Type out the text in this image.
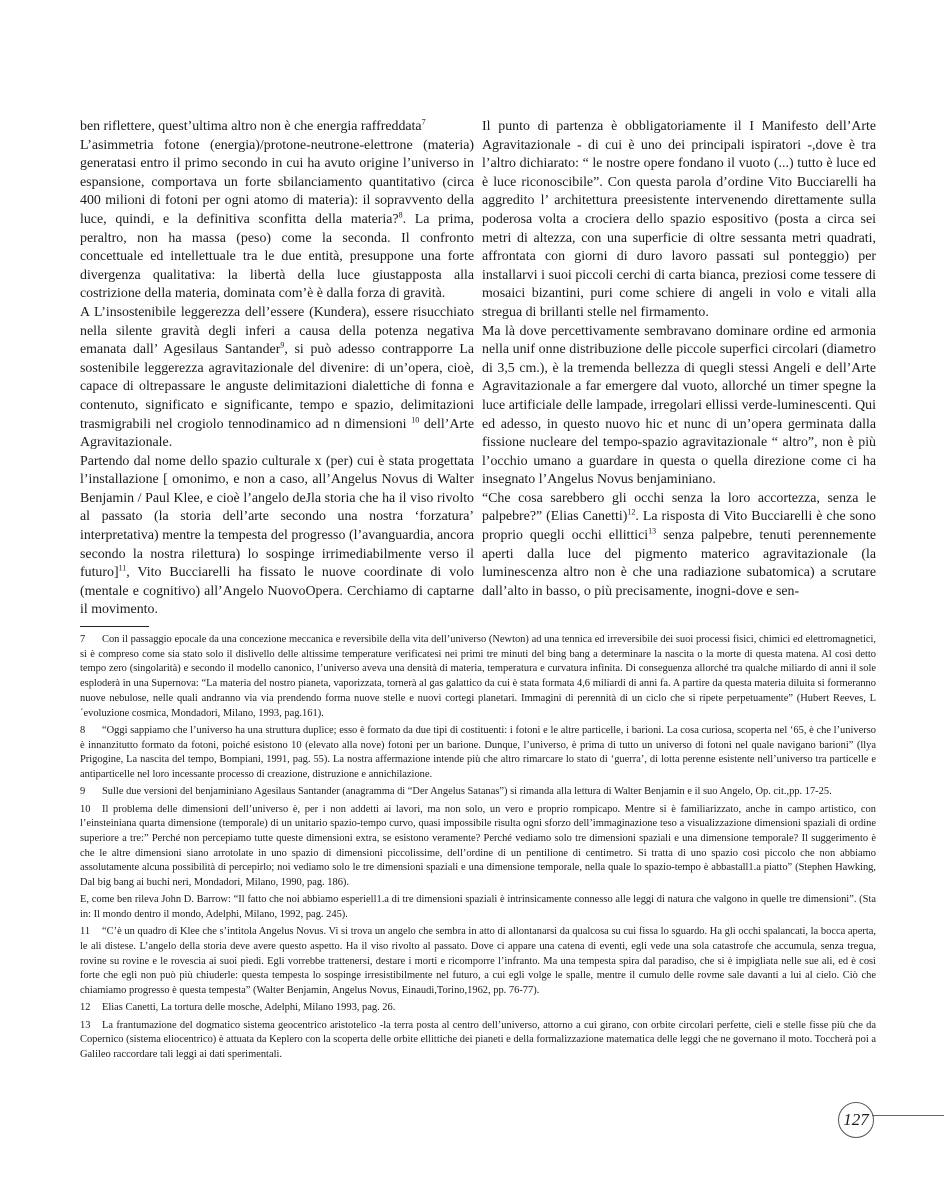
ben riflettere, quest’ultima altro non è che energia raffreddata$^7$

L’asimmetria fotone (energia)/protone-neutrone-elettrone (materia) generatasi entro il primo secondo in cui ha avuto origine l’universo in espansione, comportava un forte sbilanciamento quantitativo (circa 400 milioni di fotoni per ogni atomo di materia): il sopravvento della luce, quindi, e la definitiva sconfitta della materia?$^8$. La prima, peraltro, non ha massa (peso) come la seconda. Il confronto concettuale ed intellettuale tra le due entità, presuppone una forte divergenza qualitativa: la libertà della luce giustapposta alla costrizione della materia, dominata com’è è dalla forza di gravità.

A L’insostenibile leggerezza dell’essere (Kundera), essere risucchiato nella silente gravità degli inferi a causa della potenza negativa emanata dall’ Agesilaus Santander$^9$, si può adesso contrapporre La sostenibile leggerezza agravitazionale del divenire: di un’opera, cioè, capace di oltrepassare le anguste delimitazioni dialettiche di fonna e contenuto, significato e significante, tempo e spazio, delimitazioni trasmigrabili nel crogiolo tennodinamico ad n dimensioni $^{10}$ dell’Arte Agravitazionale.

Partendo dal nome dello spazio culturale x (per) cui è stata progettata l’installazione [ omonimo, e non a caso, all’Angelus Novus di Walter Benjamin / Paul Klee, e cioè l’angelo deJla storia che ha il viso rivolto al passato (la storia dell’arte secondo una nostra ‘forzatura’ interpretativa) mentre la tempesta del progresso (l’avanguardia, ancora secondo la nostra rilettura) lo sospinge irrimediabilmente verso il futuro]$^{11}$, Vito Bucciarelli ha fissato le nuove coordinate di volo (mentale e cognitivo) all’Angelo NuovoOpera. Cerchiamo di captarne il movimento.

Il punto di partenza è obbligatoriamente il I Manifesto dell’Arte Agravitazionale - di cui è uno dei principali ispiratori -,dove è tra l’altro dichiarato: “ le nostre opere fondano il vuoto (...) tutto è luce ed è luce riconoscibile”. Con questa parola d’ordine Vito Bucciarelli ha aggredito l’ architettura preesistente intervenendo direttamente sulla poderosa volta a crociera dello spazio espositivo (posta a circa sei metri di altezza, con una superficie di oltre sessanta metri quadrati, affrontata con giorni di duro lavoro passati sul ponteggio) per installarvi i suoi piccoli cerchi di carta bianca, preziosi come tessere di mosaici bizantini, puri come schiere di angeli in volo e vitali alla stregua di brillanti stelle nel firmamento.

Ma là dove percettivamente sembravano dominare ordine ed armonia nella unif onne distribuzione delle piccole superfici circolari (diametro di 3,5 cm.), è la tremenda bellezza di quegli stessi Angeli e dell’Arte Agravitazionale a far emergere dal vuoto, allorché un timer spegne la luce artificiale delle lampade, irregolari ellissi verde-luminescenti. Qui ed adesso, in questo nuovo hic et nunc di un’opera germinata dalla fissione nucleare del tempo-spazio agravitazionale “ altro”, non è più l’occhio umano a guardare in questa o quella direzione come ci ha insegnato l’Angelus Novus benjaminiano.

“Che cosa sarebbero gli occhi senza la loro accortezza, senza le palpebre?” (Elias Canetti)$^{12}$. La risposta di Vito Bucciarelli è che sono proprio quegli occhi ellittici$^{13}$ senza palpebre, tenuti perennemente aperti dalla luce del pigmento materico agravitazionale (la luminescenza altro non è che una radiazione subatomica) a scrutare dall’alto in basso, o più precisamente, inogni-dove e sen-

7 Con il passaggio epocale da una concezione meccanica e reversibile della vita dell’universo (Newton) ad una tennica ed irreversibile dei suoi processi fisici, chimici ed elettromagnetici, si è compreso come sia stato solo il dislivello delle altissime temperature verificatesi nei primi tre minuti del bing bang a determinare la nascita o la morte di questa matena. Al così detto tempo zero (singolarità) e secondo il modello canonico, l’universo aveva una densità di materia, temperatura e curvatura infinita. Di conseguenza allorché tra qualche miliardo di anni il sole esploderà in una Supernova: “La materia del nostro pianeta, vaporizzata, tornerà al gas galattico da cui è stata formata 4,6 miliardi di anni fa. A partire da questa materia diluita si formeranno nuove nebulose, nelle quali andranno via via prendendo forma nuove stelle e nuovi cortegi planetari. Immagini di perennità di un ciclo che si ripete perpetuamente” (Hubert Reeves, L ´evoluzione cosmica, Mondadori, Milano, 1993, pag.161).

8 “Oggi sappiamo che l’universo ha una struttura duplice; esso è formato da due tipi di costituenti: i fotoni e le altre particelle, i barioni. La cosa curiosa, scoperta nel ‘65, è che l’universo è innanzitutto formato da fotoni, poiché esistono 10 (elevato alla nove) fotoni per un barione. Dunque, l’universo, è prima di tutto un universo di fotoni nel quale navigano barioni” (llya Prigogine, La nascita del tempo, Bompiani, 1991, pag. 55). La nostra affermazione intende più che altro rimarcare lo stato di ‘guerra’, di lotta perenne esistente nell’universo tra particelle e antiparticelle nel loro incessante processo di creazione, distruzione e annichilazione.

9 Sulle due versioni del benjaminiano Agesilaus Santander (anagramma di “Der Angelus Satanas”) si rimanda alla lettura di Walter Benjamin e il suo Angelo, Op. cit.,pp. 17-25.

10 Il problema delle dimensioni dell’universo è, per i non addetti ai lavori, ma non solo, un vero e proprio rompicapo. Mentre si è familiarizzato, anche in campo artistico, con l’einsteiniana quarta dimensione (temporale) di un unitario spazio-tempo curvo, quasi impossibile risulta ogni sforzo dell’immaginazione teso a visualizzazione dimensioni spaziali di ordine superiore a tre:” Perché non percepiamo tutte queste dimensioni extra, se esistono veramente? Perché vediamo solo tre dimensioni spaziali e una dimensione temporale? Il suggerimento è che le altre dimensioni siano arrotolate in uno spazio di dimensioni piccolissime, dell’ordine di un pentilione di centimetro. Si tratta di uno spazio così piccolo che non abbiamo assolutamente alcuna possibilità di percepirlo; noi vediamo solo le tre dimensioni spaziali e una dimensione temporale, nella quale lo spazio-tempo è abbastall1.a piatto” (Stephen Hawking, Dal big bang ai buchi neri, Mondadori, Milano, 1990, pag. 186).

E, come ben rileva John D. Barrow: “Il fatto che noi abbiamo esperiell1.a di tre dimensioni spaziali è intrinsicamente connesso alle leggi di natura che valgono in quelle tre dimensioni”. (Sta in: Il mondo dentro il mondo, Adelphi, Milano, 1992, pag. 245).

11 “C’è un quadro di Klee che s’intitola Angelus Novus. Vi si trova un angelo che sembra in atto di allontanarsi da qualcosa su cui fissa lo sguardo. Ha gli occhi spalancati, la bocca aperta, le ali distese. L’angelo della storia deve avere questo aspetto. Ha il viso rivolto al passato. Dove ci appare una catena di eventi, egli vede una sola catastrofe che accumula, senza tregua, rovine su rovine e le rovescia ai suoi piedi. Egli vorrebbe trattenersi, destare i morti e ricomporre l’infranto. Ma una tempesta spira dal paradiso, che si è impigliata nelle sue ali, ed è così forte che egli non può più chiuderle: questa tempesta lo sospinge irresistibilmente nel futuro, a cui egli volge le spalle, mentre il cumulo delle rovme sale davanti a lui al cielo. Ciò che chiamiamo progresso è questa tempesta” (Walter Benjamin, Angelus Novus, Einaudi,Torino,1962, pp. 76-77).

12 Elias Canetti, La tortura delle mosche, Adelphi, Milano 1993, pag. 26.

13 La frantumazione del dogmatico sistema geocentrico aristotelico -la terra posta al centro dell’universo, attorno a cui girano, con orbite circolari perfette, cieli e stelle fisse più che da Copernico (sistema eliocentrico) è attuata da Keplero con la scoperta delle orbite ellittiche dei pianeti e della formalizzazione matematica delle leggi che ne governano il moto. Toccherà poi a Galileo raccordare tali leggi ai dati sperimentali.

127
